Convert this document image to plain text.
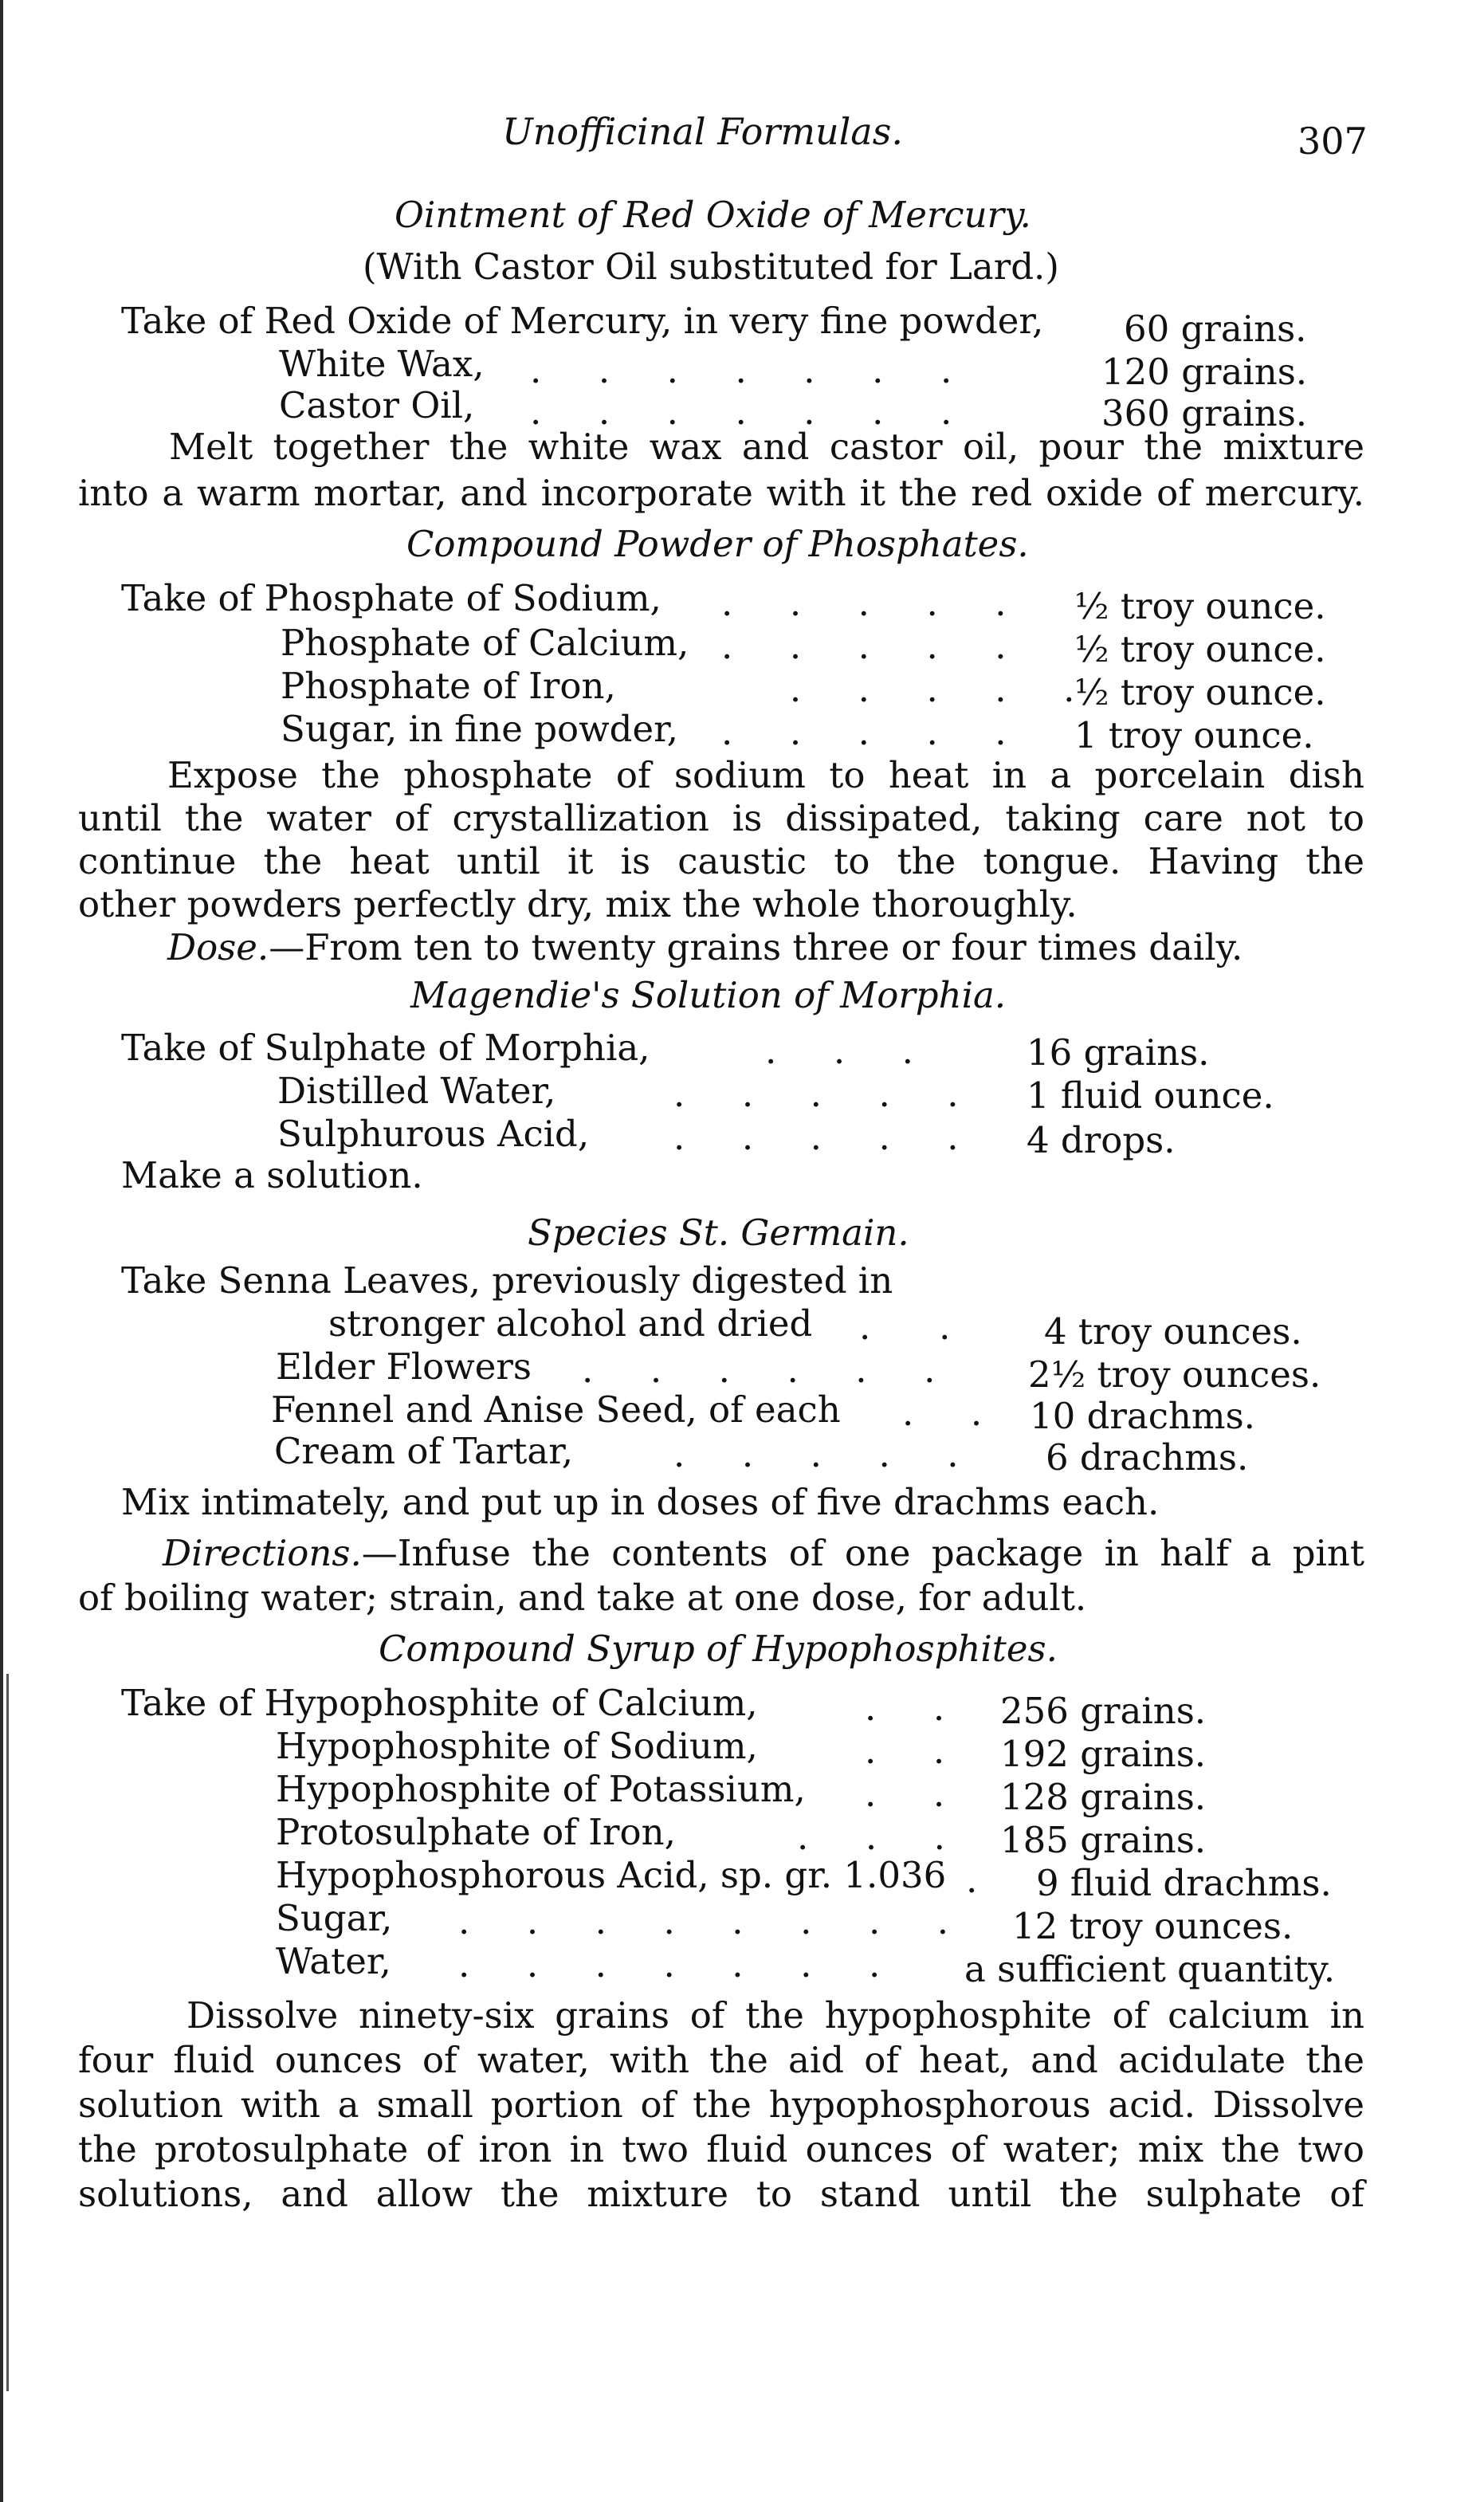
Unofficinal Formulas.	307
Ointment of Red Oxide of Mercury.
(With Castor Oil substituted for Lard.)
Take of Red Oxide of Mercury, in very fine powder, 60 grains.
White Wax, .     .     .     .     .     .     .	120 grains.
Castor Oil, .     .     .     .     .     .     .	360 grains.
Melt together the white wax and castor oil, pour the mixture
into a warm mortar, and incorporate with it the red oxide of mercury.
Compound Powder of Phosphates.
Take of Phosphate of Sodium, .     .     .     .     . ½ troy ounce.
Phosphate of Calcium, .     .     .     .     . ½ troy ounce.
Phosphate of Iron,	.     .     .     .     . ½ troy ounce.
Sugar, in fine powder, .     .     .     .     . 1 troy ounce.
Expose the phosphate of sodium to heat in a porcelain dish
until the water of crystallization is dissipated, taking care not to
continue the heat until it is caustic to the tongue. Having the
other powders perfectly dry, mix the whole thoroughly.
Dose.—From ten to twenty grains three or four times daily.
Magendie's Solution of Morphia.
Take of Sulphate of Morphia,	.     .     .	16 grains.
Distilled Water,	.     .     .     .     . 1 fluid ounce.
Sulphurous Acid, .     .     .     .     . 4 drops.
Make a solution.
Species St. Germain.
Take Senna Leaves, previously digested in
stronger alcohol and dried .      .	4 troy ounces.
Elder Flowers .     .     .     .     .     .	2½ troy ounces.
Fennel and Anise Seed, of each .     . 10 drachms.
Cream of Tartar,	.     .     .     .     . 6 drachms.
Mix intimately, and put up in doses of five drachms each.
Directions.—Infuse the contents of one package in half a pint
of boiling water; strain, and take at one dose, for adult.
Compound Syrup of Hypophosphites.
Take of Hypophosphite of Calcium,	.     . 256 grains.
Hypophosphite of Sodium,	.     . 192 grains.
Hypophosphite of Potassium, .     . 128 grains.
Protosulphate of Iron,	.     .     . 185 grains.
Hypophosphorous Acid, sp. gr. 1.036 . 9 fluid drachms.
Sugar, .     .     .     .     .     .     .     . 12 troy ounces.
Water, .     .     .     .     .     .     . a sufficient quantity.
Dissolve ninety-six grains of the hypophosphite of calcium in
four fluid ounces of water, with the aid of heat, and acidulate the
solution with a small portion of the hypophosphorous acid. Dissolve
the protosulphate of iron in two fluid ounces of water; mix the two
solutions, and allow the mixture to stand until the sulphate of
